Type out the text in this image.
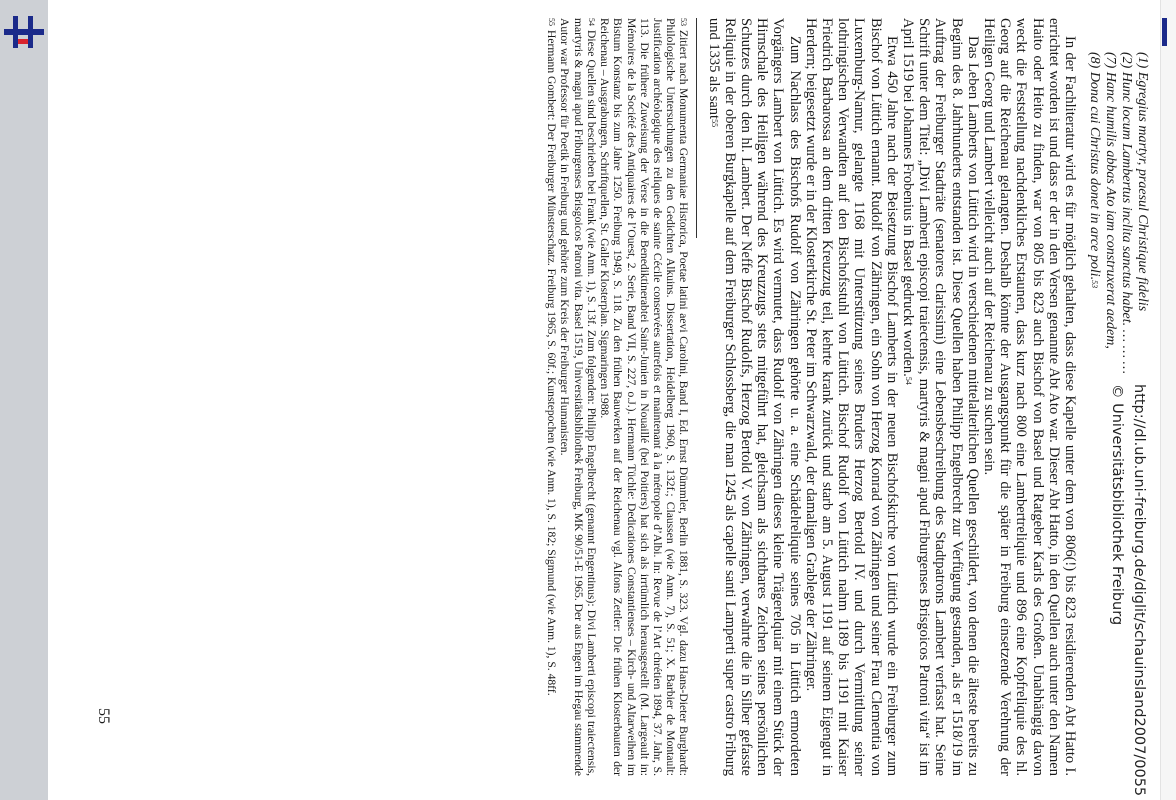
(1) Egregius martyr, praesul Christique fidelis
(2) Hunc locum Lambertus inclita sanctus habet. … … …
(7) Hanc humilis abbas Ato iam construxerat aedem,
(8) Dona cui Christus donet in arce poli.$^{53}$

In der Fachliteratur wird es für möglich gehalten, dass diese Kapelle unter dem von 806(!) bis 823 residierenden Abt Hatto I. errichtet worden ist und dass er der in den Versen genannte Abt Ato war. Dieser Abt Hatto, in den Quellen auch unter den Namen Haito oder Heito zu finden, war von 805 bis 823 auch Bischof von Basel und Ratgeber Karls des Großen. Unabhängig davon weckt die Feststellung nachdenkliches Erstaunen, dass kurz nach 800 eine Lambertreliquie und 896 eine Kopfreliquie des hl. Georg auf die Reichenau gelangten. Deshalb könnte der Ausgangspunkt für die später in Freiburg einsetzende Verehrung der Heiligen Georg und Lambert vielleicht auch auf der Reichenau zu suchen sein.

Das Leben Lamberts von Lüttich wird in verschiedenen mittelalterlichen Quellen geschildert, von denen die älteste bereits zu Beginn des 8. Jahrhunderts entstanden ist. Diese Quellen haben Philipp Engelbrecht zur Verfügung gestanden, als er 1518/19 im Auftrag der Freiburger Stadträte (senatores clarissimi) eine Lebensbeschreibung des Stadtpatrons Lambert verfasst hat. Seine Schrift unter dem Titel: „Divi Lamberti episcopi traiectensis, martyris & magni apud Friburgenses Brisgoicos Patroni vita“ ist im April 1519 bei Johannes Frobenius in Basel gedruckt worden.$^{54}$

Etwa 450 Jahre nach der Beisetzung Bischof Lamberts in der neuen Bischofskirche von Lüttich wurde ein Freiburger zum Bischof von Lüttich ernannt. Rudolf von Zähringen, ein Sohn von Herzog Konrad von Zähringen und seiner Frau Clementia von Luxemburg-Namur, gelangte 1168 mit Unterstützung seines Bruders Herzog Bertold IV. und durch Vermittlung seiner lothringischen Verwandten auf den Bischofsstuhl von Lüttich. Bischof Rudolf von Lüttich nahm 1189 bis 1191 mit Kaiser Friedrich Barbarossa an dem dritten Kreuzzug teil, kehrte krank zurück und starb am 5. August 1191 auf seinem Eigengut in Herdern; beigesetzt wurde er in der Klosterkirche St. Peter im Schwarzwald, der damaligen Grablege der Zähringer.

Zum Nachlass des Bischofs Rudolf von Zähringen gehörte u. a. eine Schädelreliquie seines 705 in Lüttich ermordeten Vorgängers Lambert von Lüttich. Es wird vermutet, dass Rudolf von Zähringen dieses kleine Trägerelquiar mit einem Stück der Hirnschale des Heiligen während des Kreuzzugs stets mitgeführt hat, gleichsam als sichtbares Zeichen seines persönlichen Schutzes durch den hl. Lambert. Der Neffe Bischof Rudolfs, Herzog Bertold V. von Zähringen, verwahrte die in Silber gefasste Reliquie in der oberen Burgkapelle auf dem Freiburger Schlossberg, die man 1245 als capelle santi Lamperti super castro Friburg und 1335 als sant$^{55}$

$^{53}$Zitiert nach Monumenta Germaniae Historica, Poetae latini aevi Carolini, Band I, Ed. Ernst Dümmler, Berlin 1881, S. 323. Vgl. dazu Hans-Dieter Burghardt: Philologische Untersuchungen zu den Gedichten Alkuins. Dissertation, Heidelberg 1960, S. 132f.; Claussen (wie Anm. 7), S. 51; X. Barbier de Montault: Justification archéologique des reliques de sainte Cécile conservées autrefois et maintenant à la métropole d’Albi. In: Revue de l’Art chrétien 1894, 37. Jahr, S. 113. Die frühere Zuweisung der Verse in die Benediktinerabtei Saint-Junien in Nouaillé (bei Poitiers) hat sich als irrtümlich herausgestellt (M. Largeault in: Mémoires de la Société des Antiquaires de l’Ouest, 2. Serie, Band VII, S. 227, o.J.). Hermann Tüchle: Dedicationes Constantienses – Kirch- und Altarweihen im Bistum Konstanz bis zum Jahre 1250. Freiburg 1949, S. 118. Zu den frühen Bauwerken auf der Reichenau vgl. Alfons Zettler: Die frühen Klosterbauten der Reichenau – Ausgrabungen, Schriftquellen, St. Galler Klosterplan. Sigmaringen 1988.

$^{54}$Diese Quellen sind beschrieben bei Frank (wie Anm. 1), S. 13f. Zum folgenden: Philipp Engelbrecht (genannt Engentinus): Divi Lamberti episcopi traiectensis, martyris & magni apud Friburgenses Brisgoicos Patroni vita. Basel 1519, Universitätsbibliothek Freiburg, MK 90/51-E 1965. Der aus Engen im Hegau stammende Autor war Professor für Poetik in Freiburg und gehörte zum Kreis der Freiburger Humanisten.

$^{55}$Hermann Gombert: Der Freiburger Münsterschatz. Freiburg 1965, S. 60f.; Kunstepochen (wie Anm. 1), S. 182; Sigmund (wie Anm. 1), S. 48ff.

55	http://dl.ub.uni-freiburg.de/diglit/schauinsland2007/0055
© Universitätsbibliothek Freiburg
